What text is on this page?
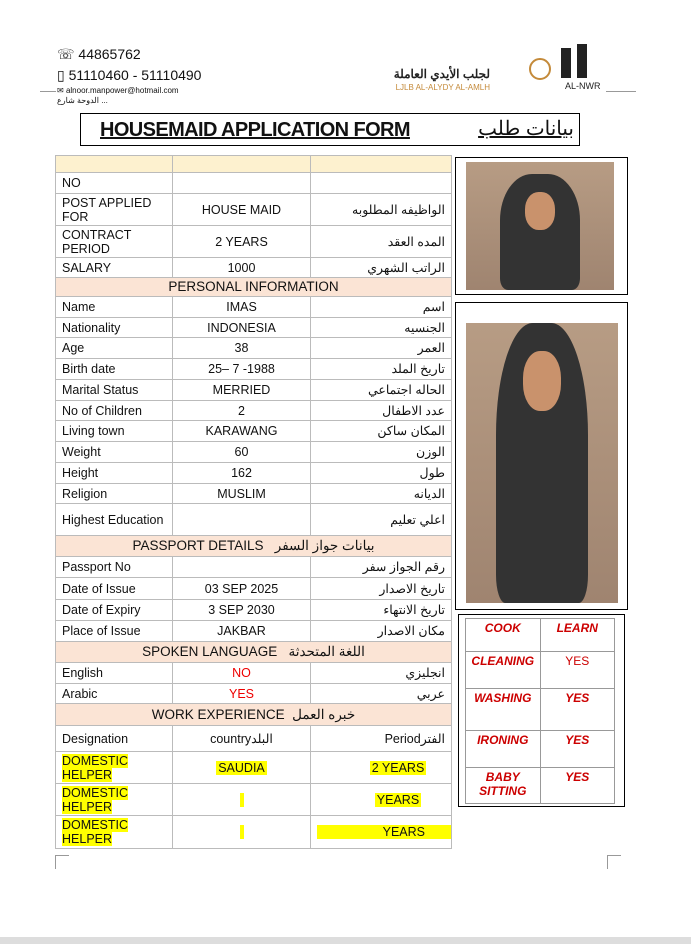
☏ 44865762
▯ 51110460 - 51110490
✉ alnoor.manpower@hotmail.com
الدوحة شارع ...
لجلب الأيدي العاملة
LJLB AL-ALYDY AL-AMLH	AL-NWR
HOUSEMAID APPLICATION FORM	بيانات طلب

NO		
POST APPLIED FOR	HOUSE MAID	الواظيفه المطلوبه
CONTRACT PERIOD	2 YEARS	المده العقد
SALARY	1000	الراتب الشهري
PERSONAL INFORMATION		
Name	IMAS	اسم
Nationality	INDONESIA	الجنسيه
Age	38	العمر
Birth date	25– 7 -1988	تاريخ الملد
Marital Status	MERRIED	الحاله اجتماعي
No of Children	2	عدد الاطفال
Living town	KARAWANG	المكان ساكن
Weight	60	الوزن
Height	162	طول
Religion	MUSLIM	الديانه
Highest Education		اعلي تعليم
PASSPORT DETAILS بيانات جواز السفر		
Passport No		رقم الجواز سفر
Date of Issue	03 SEP 2025	تاريخ الاصدار
Date of Expiry	3 SEP 2030	تاريخ الانتهاء
Place of Issue	JAKBAR	مكان الاصدار
SPOKEN LANGUAGE اللغة المتحدثة		
English	NO	انجليزي
Arabic	YES	عربي
WORK EXPERIENCE خبره العمل		
Designation	countryالبلد	Periodالفتر
DOMESTIC HELPER	SAUDIA	2 YEARS
DOMESTIC HELPER		YEARS
DOMESTIC HELPER		YEARS
COOK	LEARN
CLEANING	YES
WASHING	YES
IRONING	YES
BABY SITTING	YES
